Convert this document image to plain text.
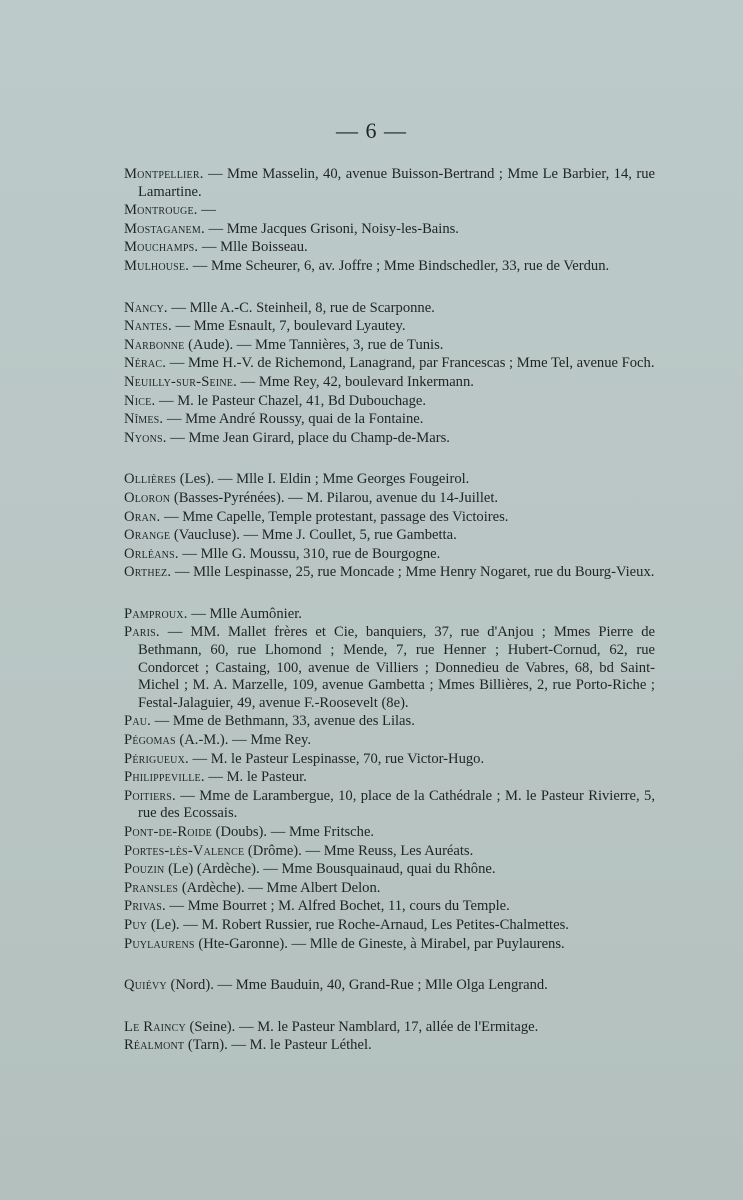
— 6 —

Montpellier. — Mme Masselin, 40, avenue Buisson-Bertrand ; Mme Le Barbier, 14, rue Lamartine.

Montrouge. —

Mostaganem. — Mme Jacques Grisoni, Noisy-les-Bains.

Mouchamps. — Mlle Boisseau.

Mulhouse. — Mme Scheurer, 6, av. Joffre ; Mme Bindschedler, 33, rue de Verdun.

Nancy. — Mlle A.-C. Steinheil, 8, rue de Scarponne.

Nantes. — Mme Esnault, 7, boulevard Lyautey.

Narbonne (Aude). — Mme Tannières, 3, rue de Tunis.

Nérac. — Mme H.-V. de Richemond, Lanagrand, par Francescas ; Mme Tel, avenue Foch.

Neuilly-sur-Seine. — Mme Rey, 42, boulevard Inkermann.

Nice. — M. le Pasteur Chazel, 41, Bd Dubouchage.

Nîmes. — Mme André Roussy, quai de la Fontaine.

Nyons. — Mme Jean Girard, place du Champ-de-Mars.

Ollières (Les). — Mlle I. Eldin ; Mme Georges Fougeirol.

Oloron (Basses-Pyrénées). — M. Pilarou, avenue du 14-Juillet.

Oran. — Mme Capelle, Temple protestant, passage des Victoires.

Orange (Vaucluse). — Mme J. Coullet, 5, rue Gambetta.

Orléans. — Mlle G. Moussu, 310, rue de Bourgogne.

Orthez. — Mlle Lespinasse, 25, rue Moncade ; Mme Henry Nogaret, rue du Bourg-Vieux.

Pamproux. — Mlle Aumônier.

Paris. — MM. Mallet frères et Cie, banquiers, 37, rue d'Anjou ; Mmes Pierre de Bethmann, 60, rue Lhomond ; Mende, 7, rue Henner ; Hubert-Cornud, 62, rue Condorcet ; Castaing, 100, avenue de Villiers ; Donnedieu de Vabres, 68, bd Saint-Michel ; M. A. Marzelle, 109, avenue Gambetta ; Mmes Billières, 2, rue Porto-Riche ; Festal-Jalaguier, 49, avenue F.-Roosevelt (8e).

Pau. — Mme de Bethmann, 33, avenue des Lilas.

Pégomas (A.-M.). — Mme Rey.

Périgueux. — M. le Pasteur Lespinasse, 70, rue Victor-Hugo.

Philippeville. — M. le Pasteur.

Poitiers. — Mme de Larambergue, 10, place de la Cathédrale ; M. le Pasteur Rivierre, 5, rue des Ecossais.

Pont-de-Roide (Doubs). — Mme Fritsche.

Portes-lès-Valence (Drôme). — Mme Reuss, Les Auréats.

Pouzin (Le) (Ardèche). — Mme Bousquainaud, quai du Rhône.

Pransles (Ardèche). — Mme Albert Delon.

Privas. — Mme Bourret ; M. Alfred Bochet, 11, cours du Temple.

Puy (Le). — M. Robert Russier, rue Roche-Arnaud, Les Petites-Chalmettes.

Puylaurens (Hte-Garonne). — Mlle de Gineste, à Mirabel, par Puylaurens.

Quiévy (Nord). — Mme Bauduin, 40, Grand-Rue ; Mlle Olga Lengrand.

Le Raincy (Seine). — M. le Pasteur Namblard, 17, allée de l'Ermitage.

Réalmont (Tarn). — M. le Pasteur Léthel.
